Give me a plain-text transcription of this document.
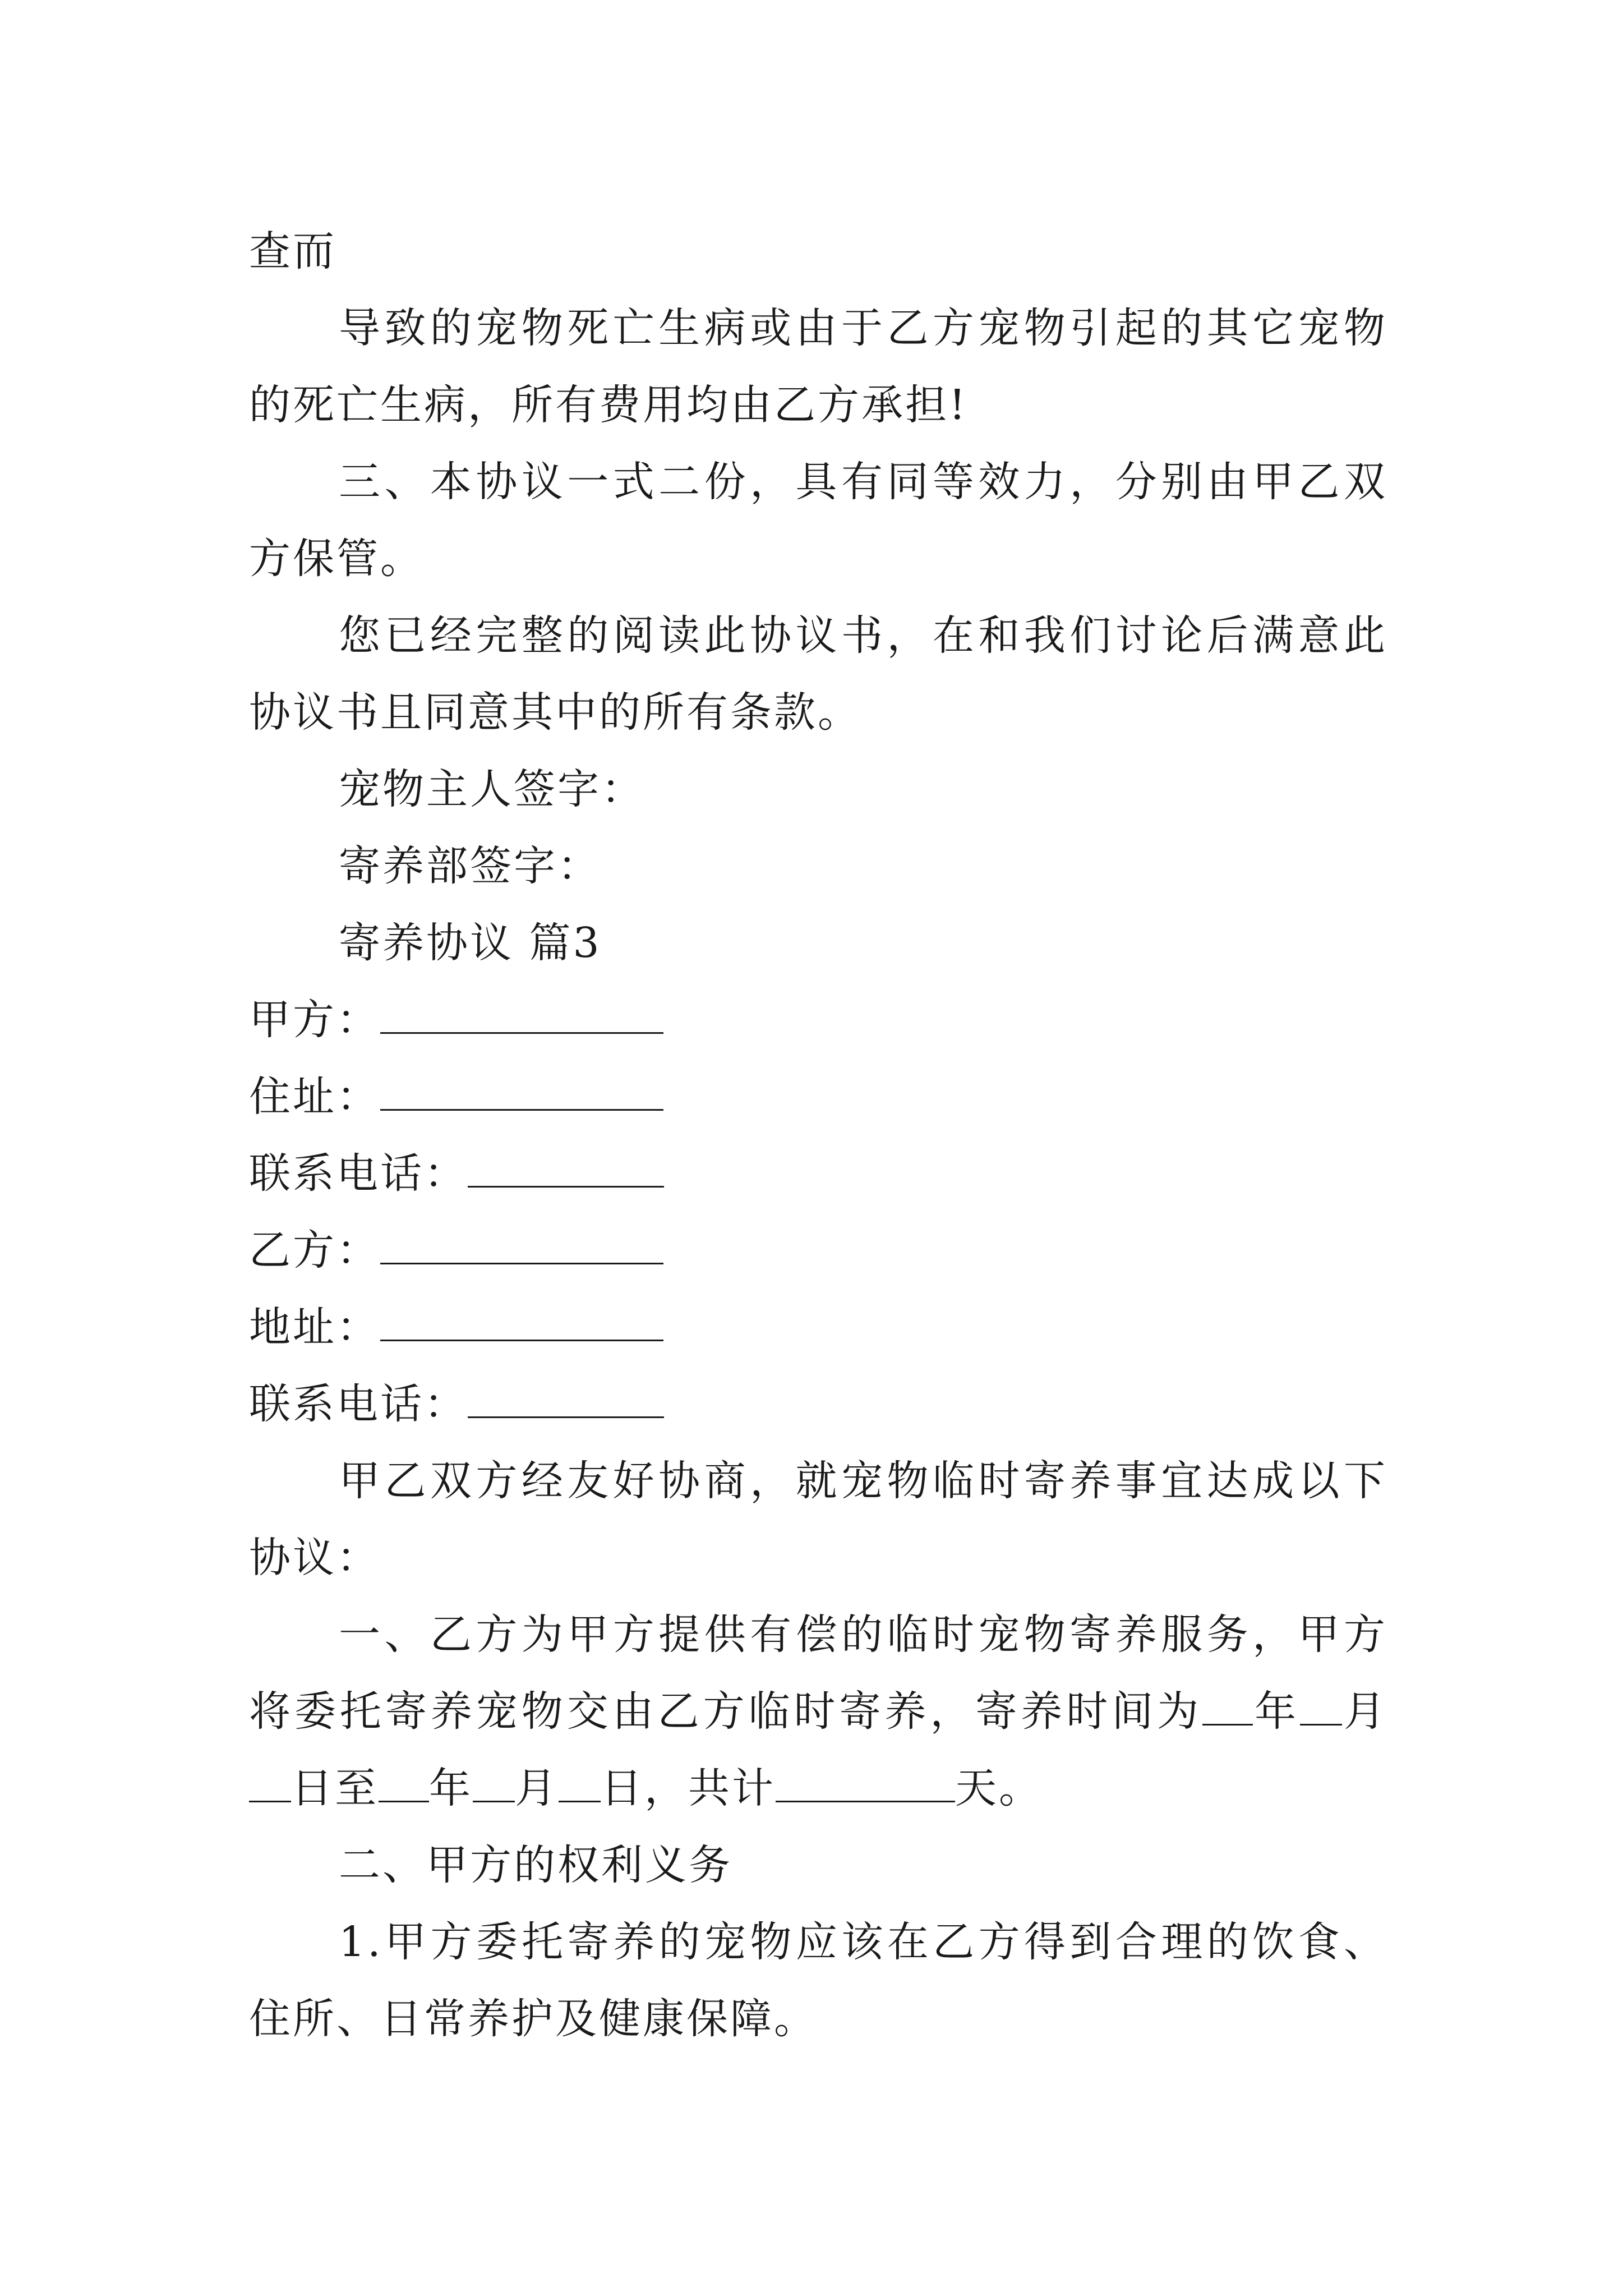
查而

导致的宠物死亡生病或由于乙方宠物引起的其它宠物的死亡生病，所有费用均由乙方承担!

三、本协议一式二份，具有同等效力，分别由甲乙双方保管。

您已经完整的阅读此协议书，在和我们讨论后满意此协议书且同意其中的所有条款。

宠物主人签字：

寄养部签字：

寄养协议 篇3

甲方：

住址：

联系电话：

乙方：

地址：

联系电话：

甲乙双方经友好协商，就宠物临时寄养事宜达成以下协议：

一、乙方为甲方提供有偿的临时宠物寄养服务，甲方将委托寄养宠物交由乙方临时寄养，寄养时间为 年 月日至 年 月 日，共计	天。

二、甲方的权利义务

1.甲方委托寄养的宠物应该在乙方得到合理的饮食、住所、日常养护及健康保障。
